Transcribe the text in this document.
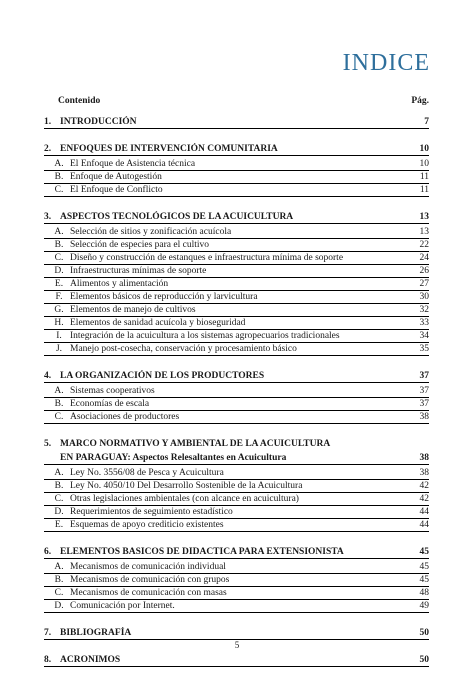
INDICE
Contenido	Pág.
1. INTRODUCCIÓN	7
2. ENFOQUES DE INTERVENCIÓN COMUNITARIA	10
A. El Enfoque de Asistencia técnica	10
B. Enfoque de Autogestión	11
C. El Enfoque de Conflicto	11
3. ASPECTOS TECNOLÓGICOS DE LA ACUICULTURA	13
A. Selección de sitios y zonificación acuícola	13
B. Selección de especies para el cultivo	22
C. Diseño y construcción de estanques e infraestructura mínima de soporte	24
D. Infraestructuras mínimas de soporte	26
E. Alimentos y alimentación	27
F. Elementos básicos de reproducción y larvicultura	30
G. Elementos de manejo de cultivos	32
H. Elementos de sanidad acuícola y bioseguridad	33
I. Integración de la acuicultura a los sistemas agropecuarios tradicionales	34
J. Manejo post-cosecha, conservación y procesamiento básico	35
4. LA ORGANIZACIÓN DE LOS PRODUCTORES	37
A. Sistemas cooperativos	37
B. Economías de escala	37
C. Asociaciones de productores	38
5. MARCO NORMATIVO Y AMBIENTAL DE LA ACUICULTURA
EN PARAGUAY: Aspectos Relesaltantes en Acuicultura	38
A. Ley No. 3556/08 de Pesca y Acuicultura	38
B. Ley No. 4050/10 Del Desarrollo Sostenible de la Acuicultura	42
C. Otras legislaciones ambientales (con alcance en acuicultura)	42
D. Requerimientos de seguimiento estadístico	44
E. Esquemas de apoyo crediticio existentes	44
6. ELEMENTOS BASICOS DE DIDACTICA PARA EXTENSIONISTA	45
A. Mecanismos de comunicación individual	45
B. Mecanismos de comunicación con grupos	45
C. Mecanismos de comunicación con masas	48
D. Comunicación por Internet.	49
7. BIBLIOGRAFÍA	50
8. ACRONIMOS	50
5
